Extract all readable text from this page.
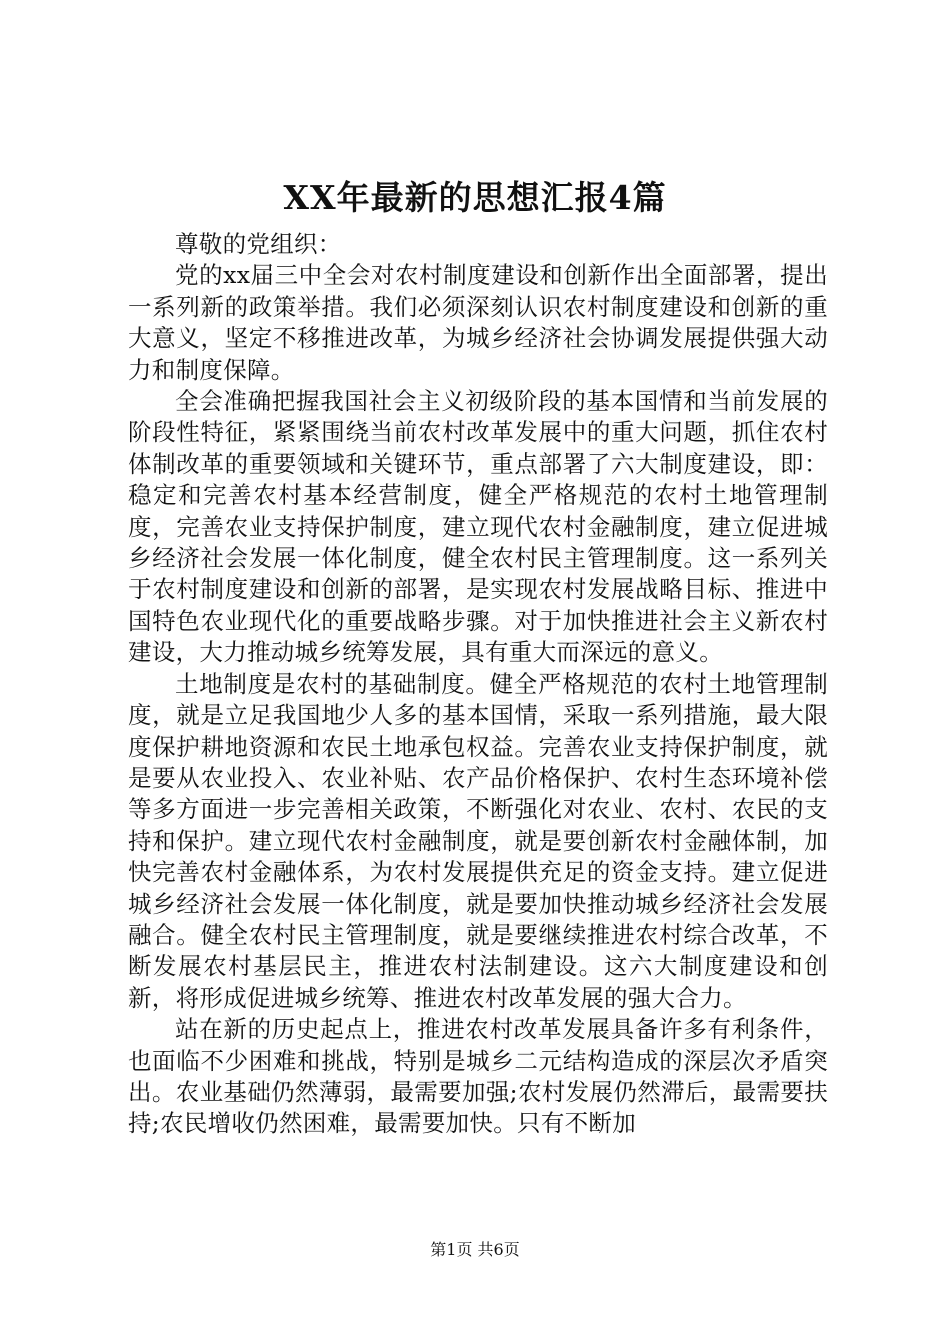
XX年最新的思想汇报4篇

尊敬的党组织：

党的xx届三中全会对农村制度建设和创新作出全面部署，提出一系列新的政策举措。我们必须深刻认识农村制度建设和创新的重大意义，坚定不移推进改革，为城乡经济社会协调发展提供强大动力和制度保障。

全会准确把握我国社会主义初级阶段的基本国情和当前发展的阶段性特征，紧紧围绕当前农村改革发展中的重大问题，抓住农村体制改革的重要领域和关键环节，重点部署了六大制度建设，即：稳定和完善农村基本经营制度，健全严格规范的农村土地管理制度，完善农业支持保护制度，建立现代农村金融制度，建立促进城乡经济社会发展一体化制度，健全农村民主管理制度。这一系列关于农村制度建设和创新的部署，是实现农村发展战略目标、推进中国特色农业现代化的重要战略步骤。对于加快推进社会主义新农村建设，大力推动城乡统筹发展，具有重大而深远的意义。

土地制度是农村的基础制度。健全严格规范的农村土地管理制度，就是立足我国地少人多的基本国情，采取一系列措施，最大限度保护耕地资源和农民土地承包权益。完善农业支持保护制度，就是要从农业投入、农业补贴、农产品价格保护、农村生态环境补偿等多方面进一步完善相关政策，不断强化对农业、农村、农民的支持和保护。建立现代农村金融制度，就是要创新农村金融体制，加快完善农村金融体系，为农村发展提供充足的资金支持。建立促进城乡经济社会发展一体化制度，就是要加快推动城乡经济社会发展融合。健全农村民主管理制度，就是要继续推进农村综合改革，不断发展农村基层民主，推进农村法制建设。这六大制度建设和创新，将形成促进城乡统筹、推进农村改革发展的强大合力。

站在新的历史起点上，推进农村改革发展具备许多有利条件，也面临不少困难和挑战，特别是城乡二元结构造成的深层次矛盾突出。农业基础仍然薄弱，最需要加强;农村发展仍然滞后，最需要扶持;农民增收仍然困难，最需要加快。只有不断加

第1页 共6页
